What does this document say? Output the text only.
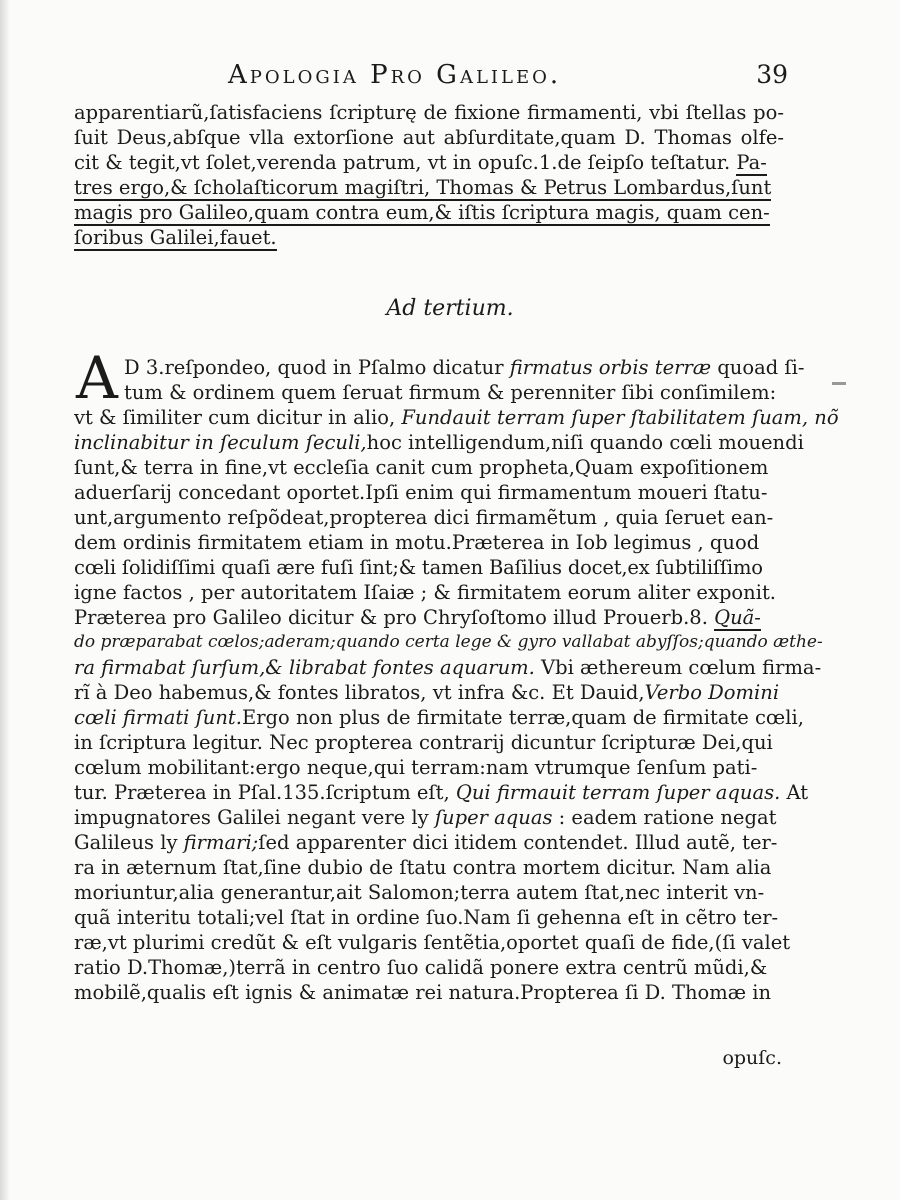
Apologia Pro Galileo.	39
apparentiarũ,ſatisfaciens ſcripturę de fixione firmamenti, vbi ſtellas po-
ſuit Deus,abſque vlla extorſione aut abſurditate,quam D. Thomas olfe-
cit & tegit,vt ſolet,verenda patrum, vt in opuſc.1.de ſeipſo teſtatur. Pa-
tres ergo,& ſcholaſticorum magiſtri, Thomas & Petrus Lombardus,ſunt
magis pro Galileo,quam contra eum,& iſtis ſcriptura magis, quam cen-
ſoribus Galilei,fauet.
Ad tertium.
A D 3.reſpondeo, quod in Pſalmo dicatur firmatus orbis terræ quoad ſi-
tum & ordinem quem ſeruat firmum & perenniter ſibi conſimilem:
vt & ſimiliter cum dicitur in alio, Fundauit terram ſuper ſtabilitatem ſuam, nõ
inclinabitur in ſeculum ſeculi,hoc intelligendum,niſi quando cœli mouendi
ſunt,& terra in fine,vt eccleſia canit cum propheta,Quam expoſitionem
aduerſarij concedant oportet.Ipſi enim qui firmamentum moueri ſtatu-
unt,argumento reſpõdeat,propterea dici firmamẽtum , quia ſeruet ean-
dem ordinis firmitatem etiam in motu.Præterea in Iob legimus , quod
cœli ſolidiſſimi quaſi ære fuſi ſint;& tamen Baſilius docet,ex ſubtiliſſimo
igne factos , per autoritatem Iſaiæ ; & firmitatem eorum aliter exponit.
Præterea pro Galileo dicitur & pro Chryſoſtomo illud Prouerb.8. Quã-
do præparabat cœlos;aderam;quando certa lege & gyro vallabat abyſſos;quando æthe-
ra firmabat ſurſum,& librabat fontes aquarum. Vbi æthereum cœlum firma-
rĩ à Deo habemus,& fontes libratos, vt infra &c. Et Dauid,Verbo Domini
cœli firmati ſunt.Ergo non plus de firmitate terræ,quam de firmitate cœli,
in ſcriptura legitur. Nec propterea contrarij dicuntur ſcripturæ Dei,qui
cœlum mobilitant:ergo neque,qui terram:nam vtrumque ſenſum pati-
tur. Præterea in Pſal.135.ſcriptum eſt, Qui firmauit terram ſuper aquas. At
impugnatores Galilei negant vere ly ſuper aquas : eadem ratione negat
Galileus ly firmari;ſed apparenter dici itidem contendet. Illud autẽ, ter-
ra in æternum ſtat,ſine dubio de ſtatu contra mortem dicitur. Nam alia
moriuntur,alia generantur,ait Salomon;terra autem ſtat,nec interit vn-
quã interitu totali;vel ſtat in ordine ſuo.Nam ſi gehenna eſt in cẽtro ter-
ræ,vt plurimi credũt & eſt vulgaris ſentẽtia,oportet quaſi de fide,(ſi valet
ratio D.Thomæ,)terrã in centro ſuo calidã ponere extra centrũ mũdi,&
mobilẽ,qualis eſt ignis & animatæ rei natura.Propterea ſi D. Thomæ in
opuſc.
